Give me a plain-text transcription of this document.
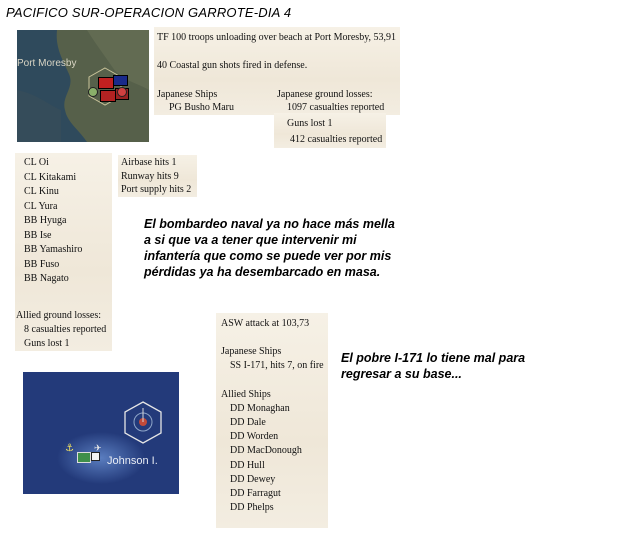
PACIFICO SUR-OPERACION GARROTE-DIA 4
Port Moresby
TF 100 troops unloading over beach at Port Moresby, 53,91
40 Coastal gun shots fired in defense.
Japanese Ships
PG Busho Maru
Japanese ground losses:
1097 casualties reported
Guns lost 1
412 casualties reported
CL Oi
CL Kitakami
CL Kinu
CL Yura
BB Hyuga
BB Ise
BB Yamashiro
BB Fuso
BB Nagato
Allied ground losses:
8 casualties reported
Guns lost 1
Airbase hits 1
Runway hits 9
Port supply hits 2
El bombardeo naval ya no hace más mella a si que va a tener que intervenir mi infantería que como se puede ver por mis pérdidas ya ha desembarcado en masa.
ASW attack at 103,73
Japanese Ships
SS I-171, hits 7, on fire
Allied Ships
DD Monaghan
DD Dale
DD Worden
DD MacDonough
DD Hull
DD Dewey
DD Farragut
DD Phelps
El pobre I-171 lo tiene mal para regresar a su base...
⚓ ✈
Johnson I.
